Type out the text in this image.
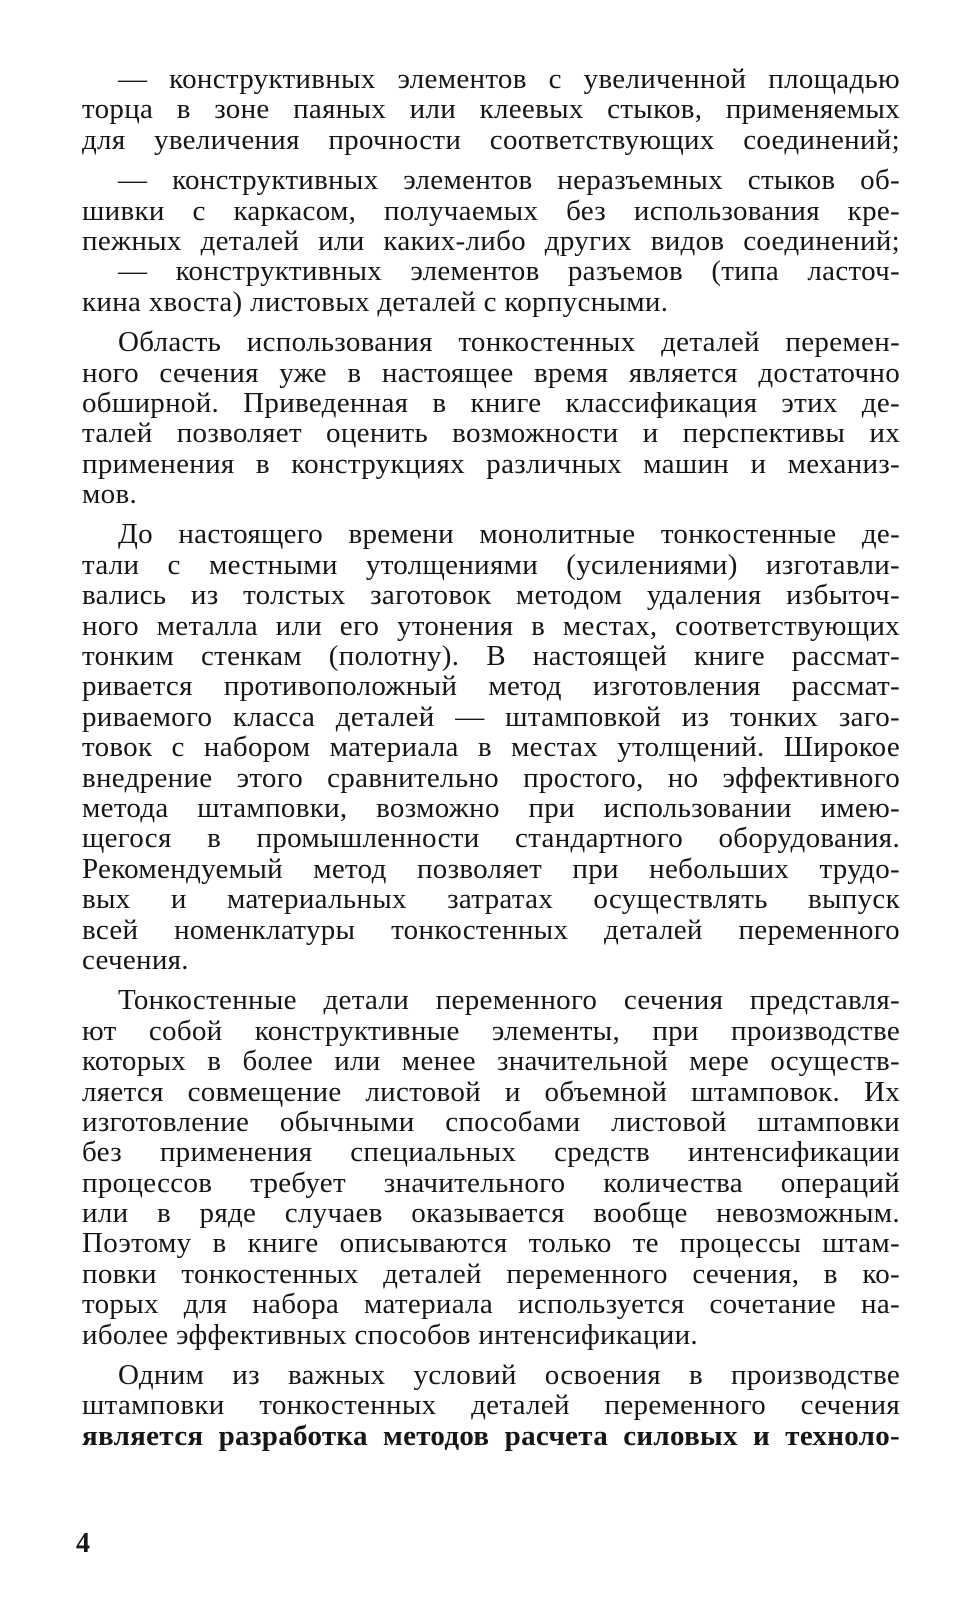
— конструктивных элементов с увеличенной площадью
торца в зоне паяных или клеевых стыков, применяемых
для увеличения прочности соответствующих соединений;
— конструктивных элементов неразъемных стыков об-
шивки с каркасом, получаемых без использования кре-
пежных деталей или каких-либо других видов соединений;
— конструктивных элементов разъемов (типа ласточ-
кина хвоста) листовых деталей с корпусными.
Область использования тонкостенных деталей перемен-
ного сечения уже в настоящее время является достаточно
обширной. Приведенная в книге классификация этих де-
талей позволяет оценить возможности и перспективы их
применения в конструкциях различных машин и механиз-
мов.
До настоящего времени монолитные тонкостенные де-
тали с местными утолщениями (усилениями) изготавли-
вались из толстых заготовок методом удаления избыточ-
ного металла или его утонения в местах, соответствующих
тонким стенкам (полотну). В настоящей книге рассмат-
ривается противоположный метод изготовления рассмат-
риваемого класса деталей — штамповкой из тонких заго-
товок с набором материала в местах утолщений. Широкое
внедрение этого сравнительно простого, но эффективного
метода штамповки, возможно при использовании имею-
щегося в промышленности стандартного оборудования.
Рекомендуемый метод позволяет при небольших трудо-
вых и материальных затратах осуществлять выпуск
всей номенклатуры тонкостенных деталей переменного
сечения.
Тонкостенные детали переменного сечения представля-
ют собой конструктивные элементы, при производстве
которых в более или менее значительной мере осуществ-
ляется совмещение листовой и объемной штамповок. Их
изготовление обычными способами листовой штамповки
без применения специальных средств интенсификации
процессов требует значительного количества операций
или в ряде случаев оказывается вообще невозможным.
Поэтому в книге описываются только те процессы штам-
повки тонкостенных деталей переменного сечения, в ко-
торых для набора материала используется сочетание на-
иболее эффективных способов интенсификации.
Одним из важных условий освоения в производстве
штамповки тонкостенных деталей переменного сечения
является разработка методов расчета силовых и техноло-
4
